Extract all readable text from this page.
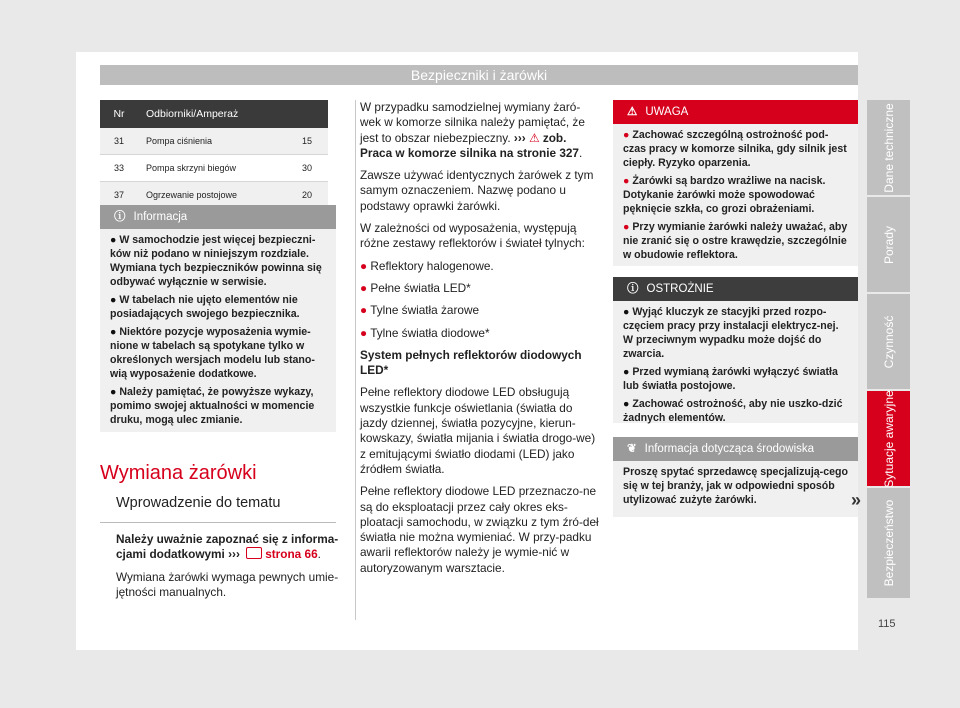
Bezpieczniki i żarówki
Nr	Odbiorniki/Amperaż	
31	Pompa ciśnienia	15
33	Pompa skrzyni biegów	30
37	Ogrzewanie postojowe	20
ⓘ Informacja

● W samochodzie jest więcej bezpieczni-ków niż podano w niniejszym rozdziale. Wymiana tych bezpieczników powinna się odbywać wyłącznie w serwisie.

● W tabelach nie ujęto elementów nie posiadających swojego bezpiecznika.

● Niektóre pozycje wyposażenia wymie-nione w tabelach są spotykane tylko w określonych wersjach modelu lub stano-wią wyposażenie dodatkowe.

● Należy pamiętać, że powyższe wykazy, pomimo swojej aktualności w momencie druku, mogą ulec zmianie.

Wymiana żarówki
Wprowadzenie do tematu

Należy uważnie zapoznać się z informa-cjami dodatkowymi ››› strona 66.

Wymiana żarówki wymaga pewnych umie-jętności manualnych.

W przypadku samodzielnej wymiany żaró-wek w komorze silnika należy pamiętać, że jest to obszar niebezpieczny. ››› ⚠ zob. Praca w komorze silnika na stronie 327.

Zawsze używać identycznych żarówek z tym samym oznaczeniem. Nazwę podano u podstawy oprawki żarówki.

W zależności od wyposażenia, występują różne zestawy reflektorów i świateł tylnych:

● Reflektory halogenowe.

● Pełne światła LED*

● Tylne światła żarowe

● Tylne światła diodowe*

System pełnych reflektorów diodowych LED*

Pełne reflektory diodowe LED obsługują wszystkie funkcje oświetlania (światła do jazdy dziennej, światła pozycyjne, kierun-kowskazy, światła mijania i światła drogo-we) z emitującymi światło diodami (LED) jako źródłem światła.

Pełne reflektory diodowe LED przeznaczo-ne są do eksploatacji przez cały okres eks-ploatacji samochodu, w związku z tym źró-deł światła nie można wymieniać. W przy-padku awarii reflektorów należy je wymie-nić w autoryzowanym warsztacie.

⚠ UWAGA

● Zachować szczególną ostrożność pod-czas pracy w komorze silnika, gdy silnik jest ciepły. Ryzyko oparzenia.

● Żarówki są bardzo wrażliwe na nacisk. Dotykanie żarówki może spowodować pęknięcie szkła, co grozi obrażeniami.

● Przy wymianie żarówki należy uważać, aby nie zranić się o ostre krawędzie, szczególnie w obudowie reflektora.

ⓘ OSTROŻNIE

● Wyjąć kluczyk ze stacyjki przed rozpo-częciem pracy przy instalacji elektrycz-nej. W przeciwnym wypadku może dojść do zwarcia.

● Przed wymianą żarówki wyłączyć światła lub światła postojowe.

● Zachować ostrożność, aby nie uszko-dzić żadnych elementów.

❦ Informacja dotycząca środowiska
Proszę spytać sprzedawcę specjalizują-cego się w tej branży, jak w odpowiedni sposób utylizować zużyte żarówki.	»
Dane techniczne
Porady
Czynność
Sytuacje awaryjne
Bezpieczeństwo
115
